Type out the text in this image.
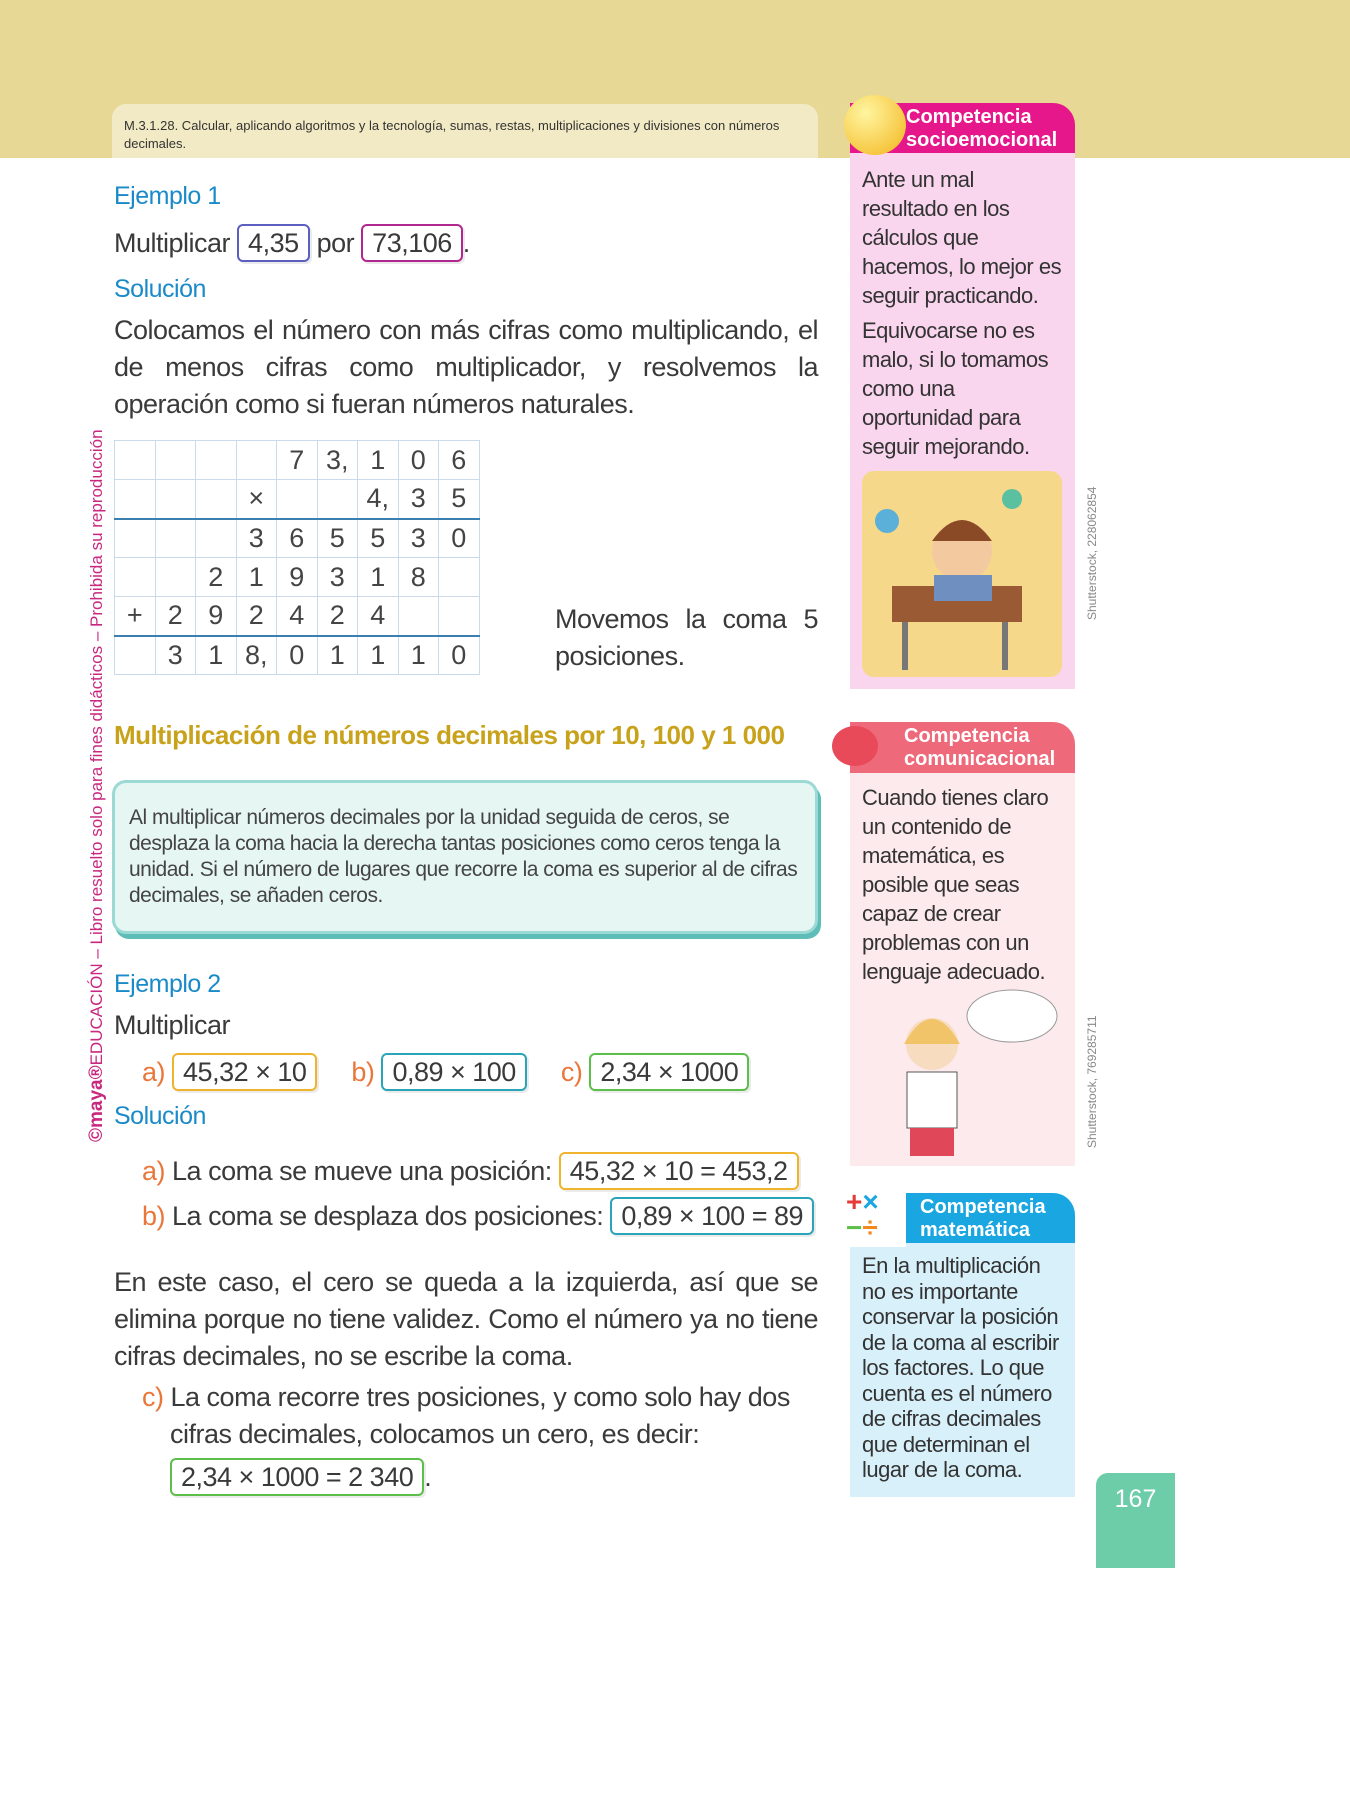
M.3.1.28. Calcular, aplicando algoritmos y la tecnología, sumas, restas, multiplicaciones y divisiones con números decimales.
©maya®EDUCACIÓN – Libro resuelto solo para fines didácticos – Prohibida su reproducción
Ejemplo 1
Multiplicar 4,35 por 73,106 .
Solución
Colocamos el número con más cifras como multiplicando, el de menos cifras como multiplicador, y resolvemos la operación como si fueran números naturales.
				7	3,	1	0	6
			×			4,	3	5
			3	6	5	5	3	0
		2	1	9	3	1	8	
+	2	9	2	4	2	4		
	3	1	8,	0	1	1	1	0
Movemos la coma 5 posiciones.
Multiplicación de números decimales por 10, 100 y 1 000
Al multiplicar números decimales por la unidad seguida de ceros, se desplaza la coma hacia la derecha tantas posiciones como ceros tenga la unidad. Si el número de lugares que recorre la coma es superior al de cifras decimales, se añaden ceros.
Ejemplo 2
Multiplicar
a) 45,32 × 10	b) 0,89 × 100	c) 2,34 × 1000
Solución
a) La coma se mueve una posición: 45,32 × 10 = 453,2
b) La coma se desplaza dos posiciones: 0,89 × 100 = 89
En este caso, el cero se queda a la izquierda, así que se elimina porque no tiene validez. Como el número ya no tiene cifras decimales, no se escribe la coma.
c) La coma recorre tres posiciones, y como solo hay dos cifras decimales, colocamos un cero, es decir:
2,34 × 1000 = 2 340 .
Competencia socioemocional
Ante un mal resultado en los cálculos que hacemos, lo mejor es seguir practicando.
Equivocarse no es malo, si lo tomamos como una oportunidad para seguir mejorando.
Shutterstock, 228062854
Competencia comunicacional
Cuando tienes claro un contenido de matemática, es posible que seas capaz de crear problemas con un lenguaje adecuado.
Shutterstock, 769285711
Competencia matemática
En la multiplicación no es importante conservar la posición de la coma al escribir los factores. Lo que cuenta es el número de cifras decimales que determinan el lugar de la coma.
+×
−÷
167
